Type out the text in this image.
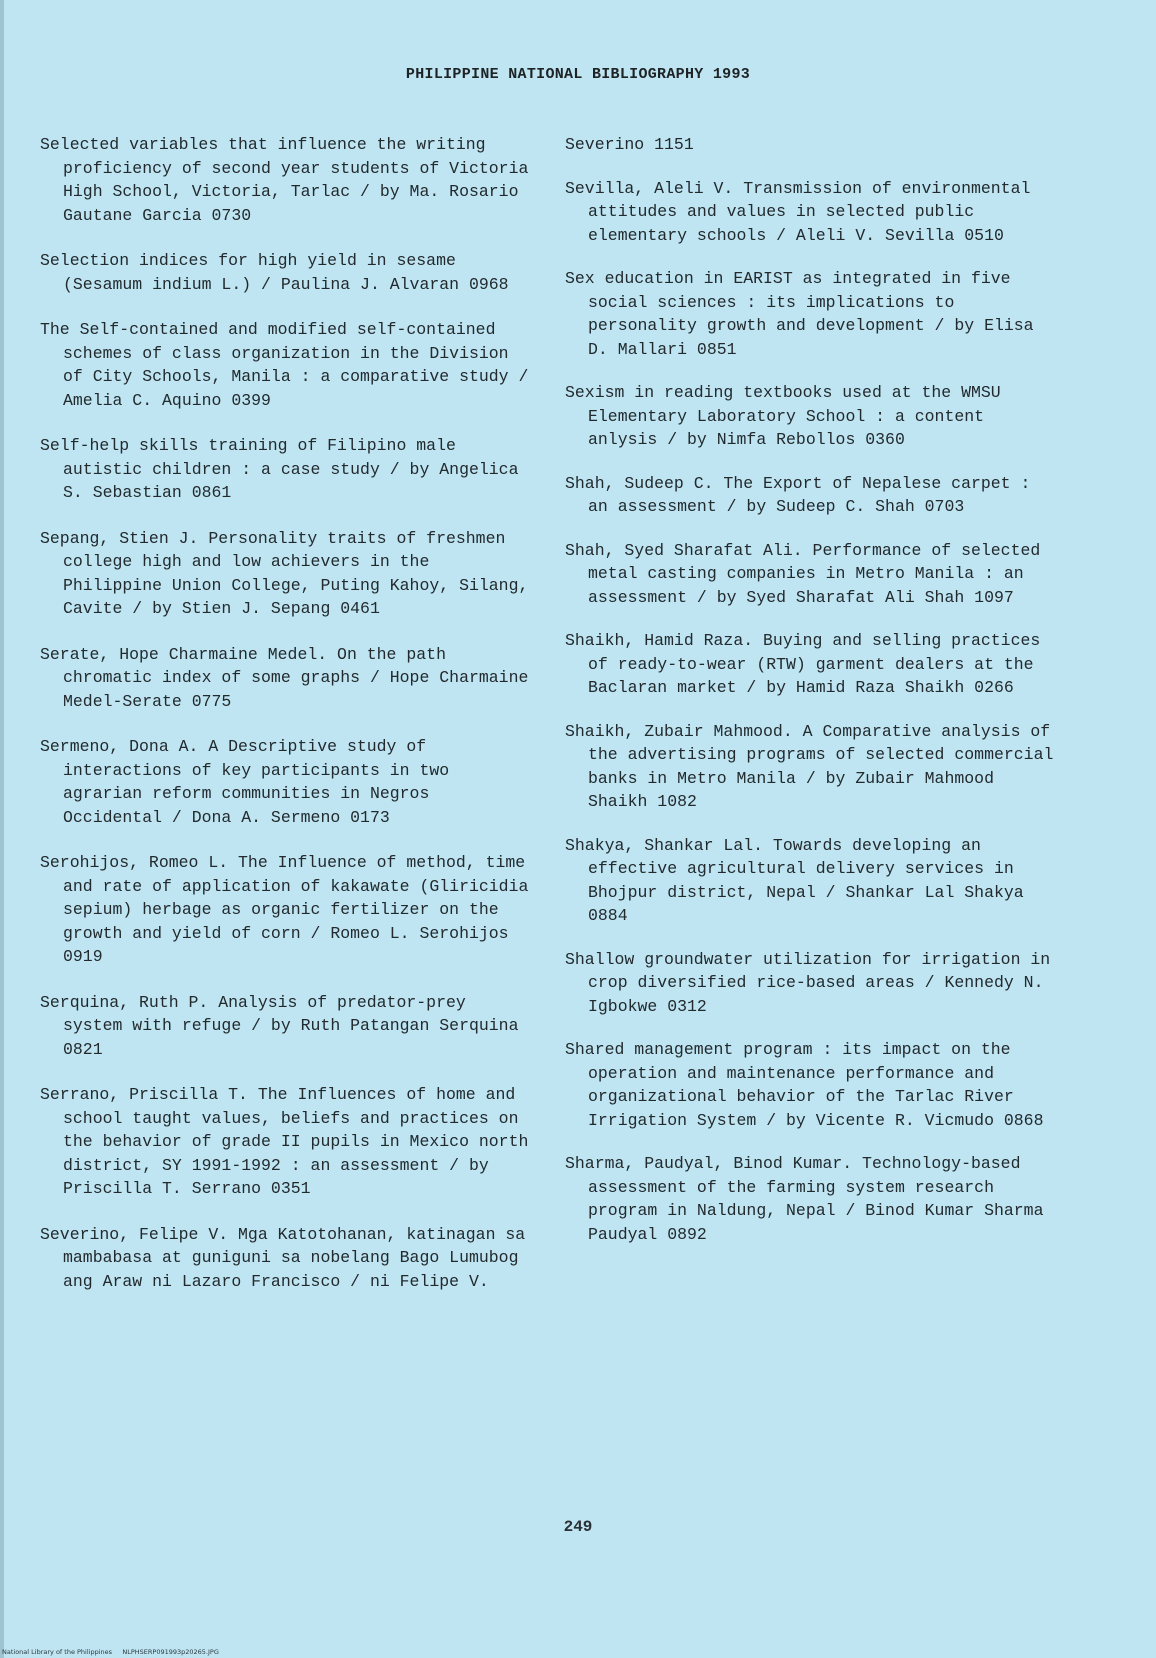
PHILIPPINE NATIONAL BIBLIOGRAPHY 1993

Selected variables that influence the writing proficiency of second year students of Victoria High School, Victoria, Tarlac / by Ma. Rosario Gautane Garcia 0730

Selection indices for high yield in sesame (Sesamum indium L.) / Paulina J. Alvaran 0968

The Self-contained and modified self-contained schemes of class organization in the Division of City Schools, Manila : a comparative study / Amelia C. Aquino 0399

Self-help skills training of Filipino male autistic children : a case study / by Angelica S. Sebastian 0861

Sepang, Stien J. Personality traits of freshmen college high and low achievers in the Philippine Union College, Puting Kahoy, Silang, Cavite / by Stien J. Sepang 0461

Serate, Hope Charmaine Medel. On the path chromatic index of some graphs / Hope Charmaine Medel-Serate 0775

Sermeno, Dona A. A Descriptive study of interactions of key participants in two agrarian reform communities in Negros Occidental / Dona A. Sermeno 0173

Serohijos, Romeo L. The Influence of method, time and rate of application of kakawate (Gliricidia sepium) herbage as organic fertilizer on the growth and yield of corn / Romeo L. Serohijos 0919

Serquina, Ruth P. Analysis of predator-prey system with refuge / by Ruth Patangan Serquina 0821

Serrano, Priscilla T. The Influences of home and school taught values, beliefs and practices on the behavior of grade II pupils in Mexico north district, SY 1991-1992 : an assessment / by Priscilla T. Serrano 0351

Severino, Felipe V. Mga Katotohanan, katinagan sa mambabasa at guniguni sa nobelang Bago Lumubog ang Araw ni Lazaro Francisco / ni Felipe V.

Severino 1151

Sevilla, Aleli V. Transmission of environmental attitudes and values in selected public elementary schools / Aleli V. Sevilla 0510

Sex education in EARIST as integrated in five social sciences : its implications to personality growth and development / by Elisa D. Mallari 0851

Sexism in reading textbooks used at the WMSU Elementary Laboratory School : a content anlysis / by Nimfa Rebollos 0360

Shah, Sudeep C. The Export of Nepalese carpet : an assessment / by Sudeep C. Shah 0703

Shah, Syed Sharafat Ali. Performance of selected metal casting companies in Metro Manila : an assessment / by Syed Sharafat Ali Shah 1097

Shaikh, Hamid Raza. Buying and selling practices of ready-to-wear (RTW) garment dealers at the Baclaran market / by Hamid Raza Shaikh 0266

Shaikh, Zubair Mahmood. A Comparative analysis of the advertising programs of selected commercial banks in Metro Manila / by Zubair Mahmood Shaikh 1082

Shakya, Shankar Lal. Towards developing an effective agricultural delivery services in Bhojpur district, Nepal / Shankar Lal Shakya 0884

Shallow groundwater utilization for irrigation in crop diversified rice-based areas / Kennedy N. Igbokwe 0312

Shared management program : its impact on the operation and maintenance performance and organizational behavior of the Tarlac River Irrigation System / by Vicente R. Vicmudo 0868

Sharma, Paudyal, Binod Kumar. Technology-based assessment of the farming system research program in Naldung, Nepal / Binod Kumar Sharma Paudyal 0892

249
National Library of the Philippines     NLPHSERP091993p20265.JPG
